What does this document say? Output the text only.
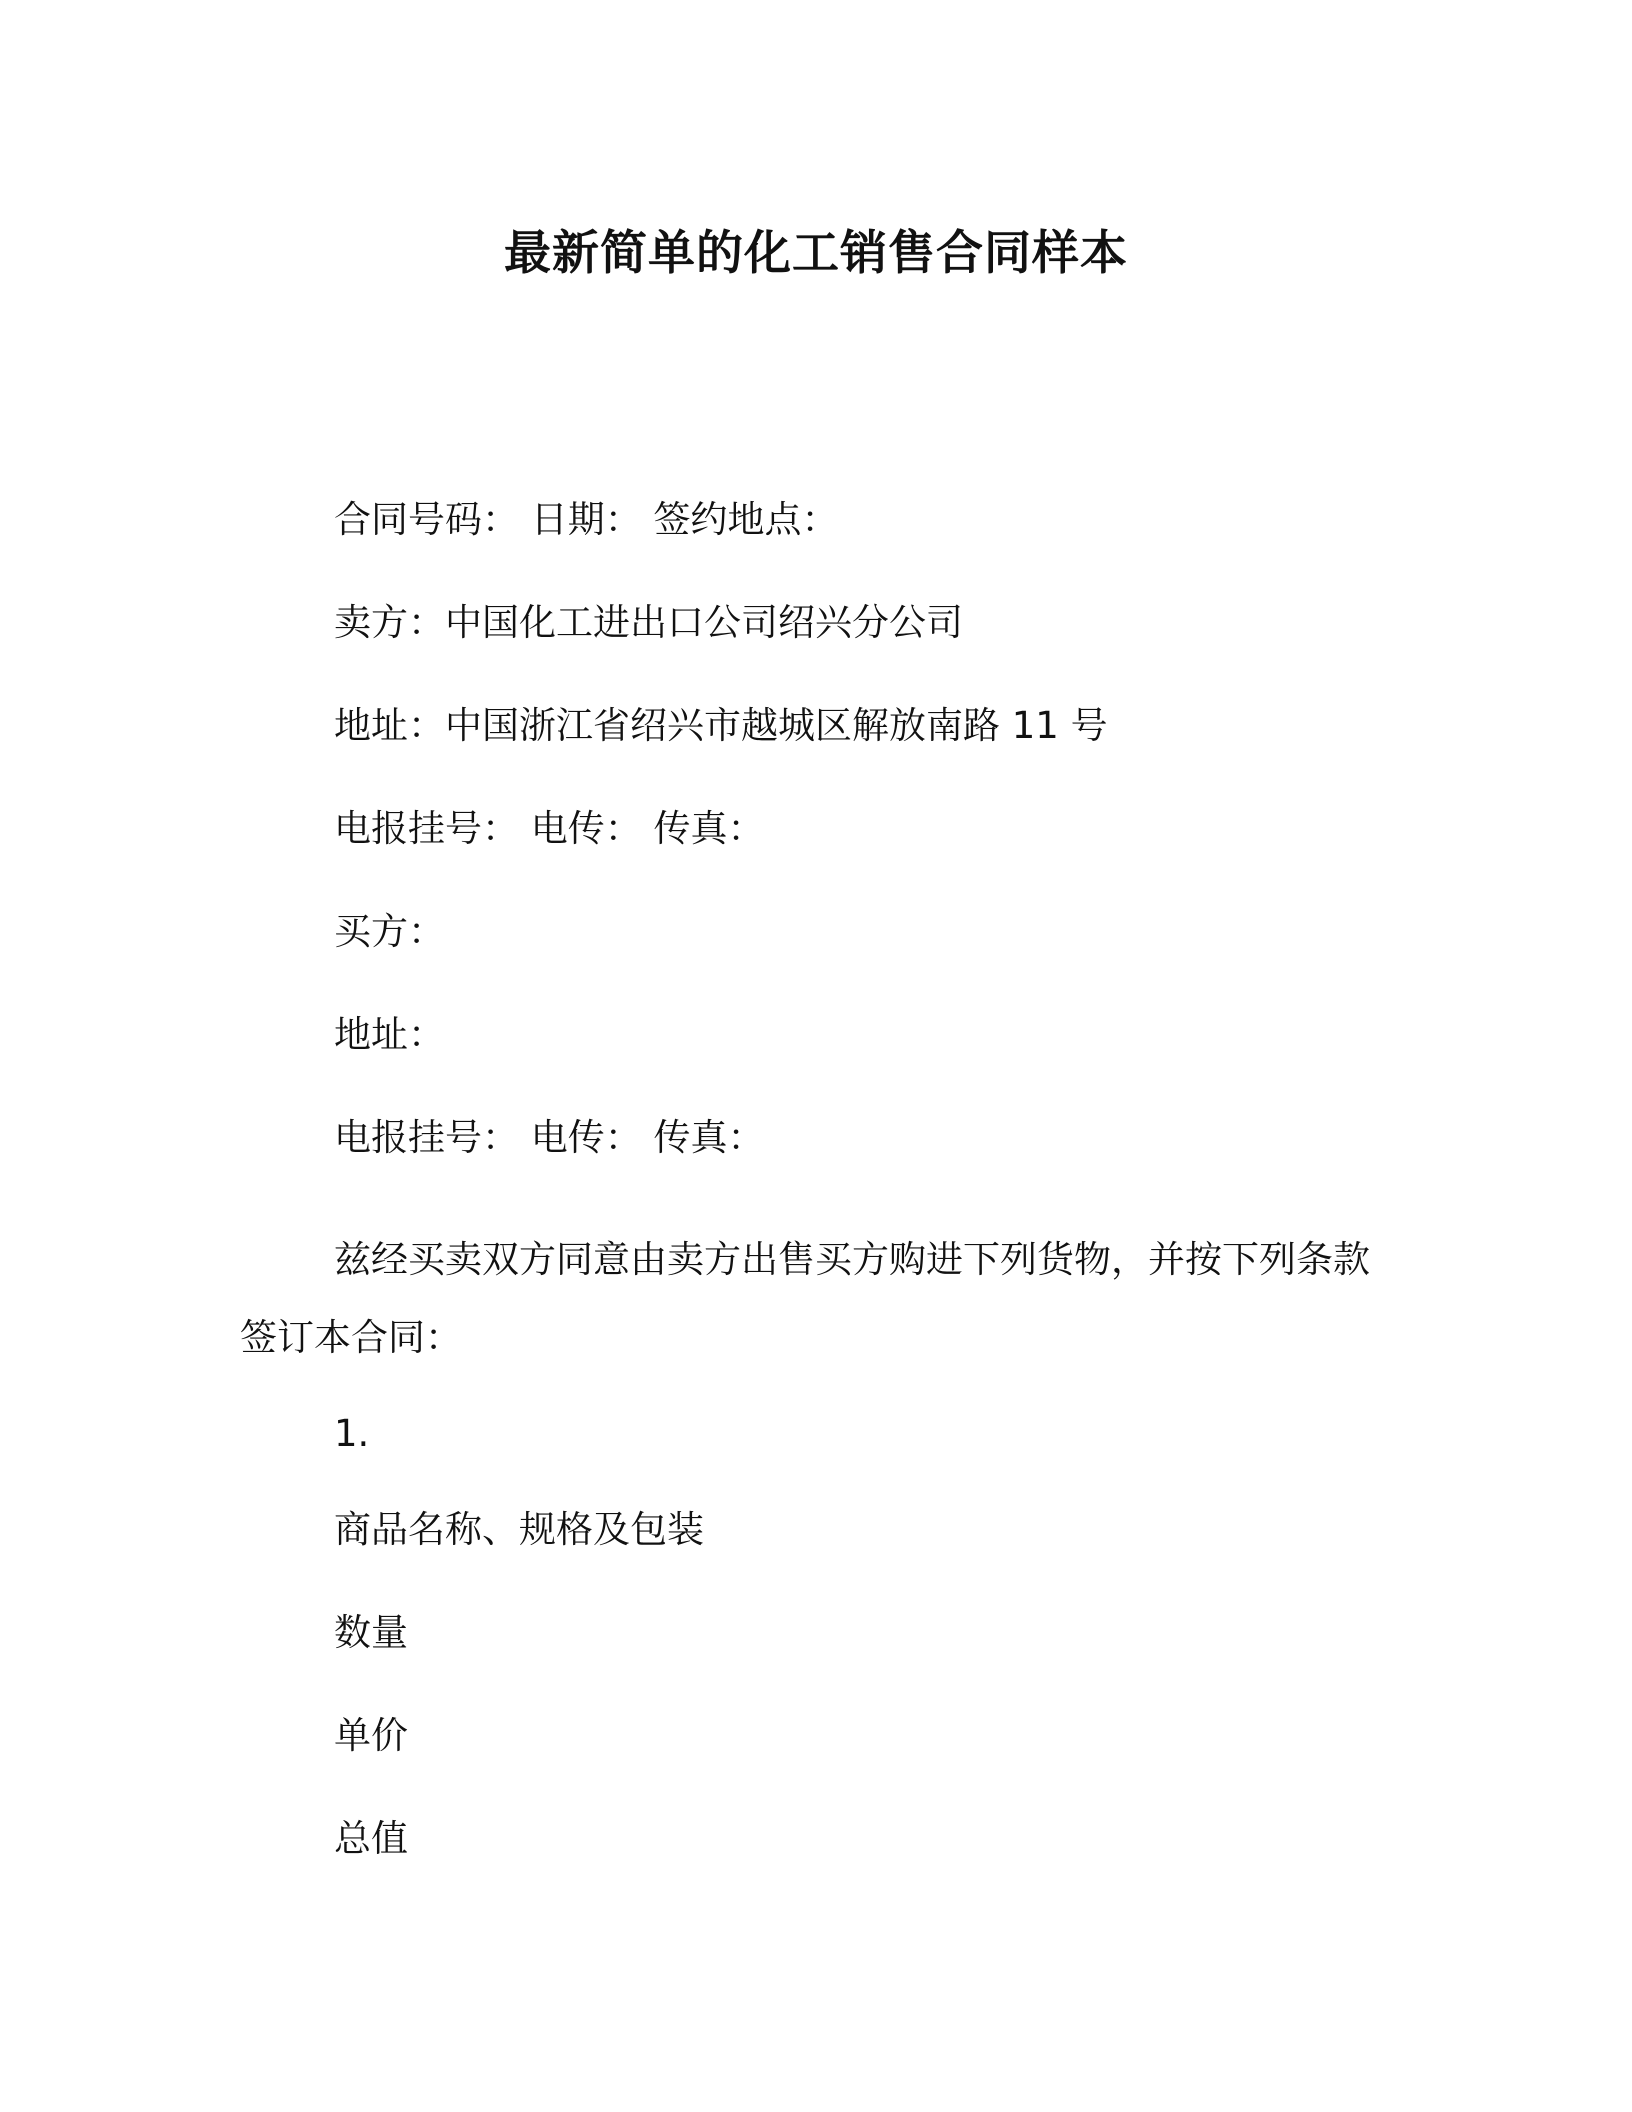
最新简单的化工销售合同样本
合同号码： 日期： 签约地点：
卖方：中国化工进出口公司绍兴分公司
地址：中国浙江省绍兴市越城区解放南路 11 号
电报挂号： 电传： 传真：
买方：
地址：
电报挂号： 电传： 传真：
兹经买卖双方同意由卖方出售买方购进下列货物，并按下列条款签订本合同：
1.
商品名称、规格及包装
数量
单价
总值
